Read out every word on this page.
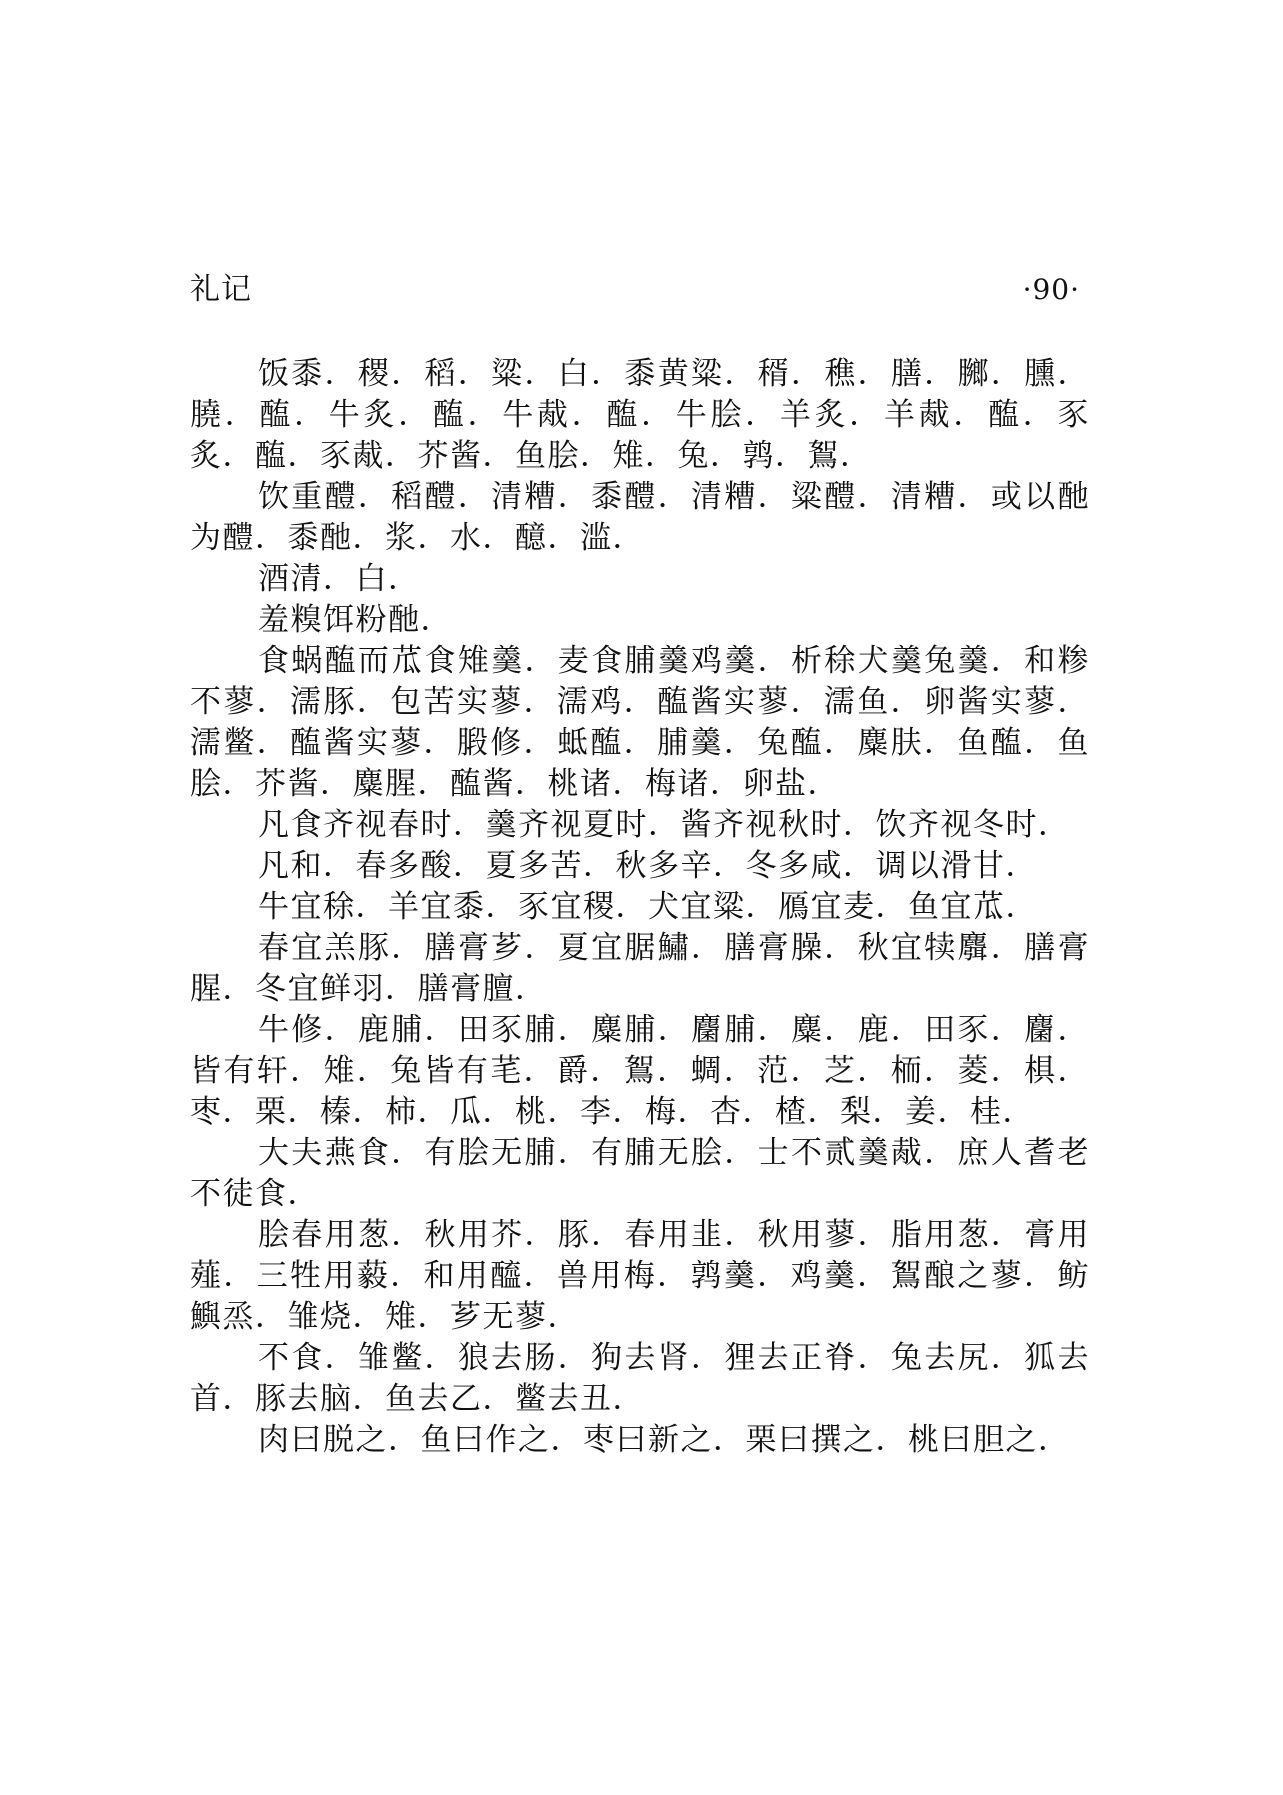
礼记	·90·

饭黍．稷．稻．粱．白．黍黄粱．稰．穛．膳．膷．臐．膮．醢．牛炙．醢．牛胾．醢．牛脍．羊炙．羊胾．醢．豕炙．醢．豕胾．芥酱．鱼脍．雉．兔．鹑．鴽．

饮重醴．稻醴．清糟．黍醴．清糟．粱醴．清糟．或以酏为醴．黍酏．浆．水．醷．滥．

酒清．白．

羞糗饵粉酏．

食蜗醢而苽食雉羹．麦食脯羹鸡羹．析稌犬羹兔羹．和糁不蓼．濡豚．包苦实蓼．濡鸡．醢酱实蓼．濡鱼．卵酱实蓼．濡鳖．醢酱实蓼．腶修．蚳醢．脯羹．兔醢．麋肤．鱼醢．鱼脍．芥酱．麋腥．醢酱．桃诸．梅诸．卵盐．

凡食齐视春时．羹齐视夏时．酱齐视秋时．饮齐视冬时．

凡和．春多酸．夏多苦．秋多辛．冬多咸．调以滑甘．

牛宜稌．羊宜黍．豕宜稷．犬宜粱．鴈宜麦．鱼宜苽．

春宜羔豚．膳膏芗．夏宜腒鱐．膳膏臊．秋宜犊麛．膳膏腥．冬宜鲜羽．膳膏膻．

牛修．鹿脯．田豕脯．麋脯．麕脯．麋．鹿．田豕．麕．皆有轩．雉．兔皆有芼．爵．鴽．蜩．范．芝．栭．菱．椇．枣．栗．榛．柿．瓜．桃．李．梅．杏．楂．梨．姜．桂．

大夫燕食．有脍无脯．有脯无脍．士不贰羹胾．庶人耆老不徒食．

脍春用葱．秋用芥．豚．春用韭．秋用蓼．脂用葱．膏用薤．三牲用藙．和用醯．兽用梅．鹑羹．鸡羹．鴽酿之蓼．鲂鱮烝．雏烧．雉．芗无蓼．

不食．雏鳖．狼去肠．狗去肾．狸去正脊．兔去尻．狐去首．豚去脑．鱼去乙．鳖去丑．

肉曰脱之．鱼曰作之．枣曰新之．栗曰撰之．桃曰胆之．
